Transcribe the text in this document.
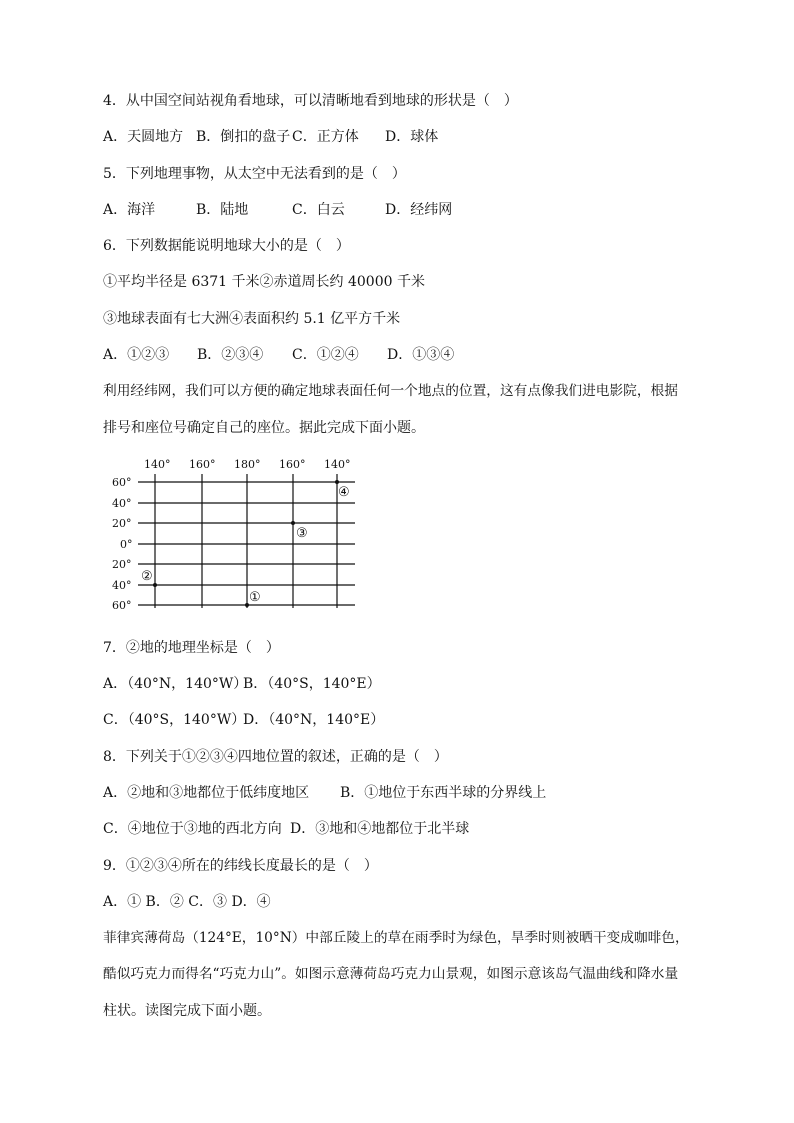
4．从中国空间站视角看地球，可以清晰地看到地球的形状是（　）
A．天圆地方 B．倒扣的盘子 C．正方体 D．球体
5．下列地理事物，从太空中无法看到的是（　）
A．海洋	B．陆地	C．白云	D．经纬网
6．下列数据能说明地球大小的是（　）
①平均半径是 6371 千米②赤道周长约 40000 千米
③地球表面有七大洲④表面积约 5.1 亿平方千米
A．①②③ B．②③④ C．①②④ D．①③④
利用经纬网，我们可以方便的确定地球表面任何一个地点的位置，这有点像我们进电影院，根据
排号和座位号确定自己的座位。据此完成下面小题。
140° 160° 180° 160° 140°
60°
40°
20°
0°
20°
40°
60°
①
②
③
④
7．②地的地理坐标是（　）
A．（40°N，140°W）
B．（40°S，140°E）
C．（40°S，140°W）
D．（40°N，140°E）
8．下列关于①②③④四地位置的叙述，正确的是（　）
A．②地和③地都位于低纬度地区 B．①地位于东西半球的分界线上
C．④地位于③地的西北方向 D．③地和④地都位于北半球
9．①②③④所在的纬线长度最长的是（　）
A．① B．② C．③ D．④
菲律宾薄荷岛（124°E，10°N）中部丘陵上的草在雨季时为绿色，旱季时则被晒干变成咖啡色，
酷似巧克力而得名“巧克力山”。如图示意薄荷岛巧克力山景观，如图示意该岛气温曲线和降水量
柱状。读图完成下面小题。
